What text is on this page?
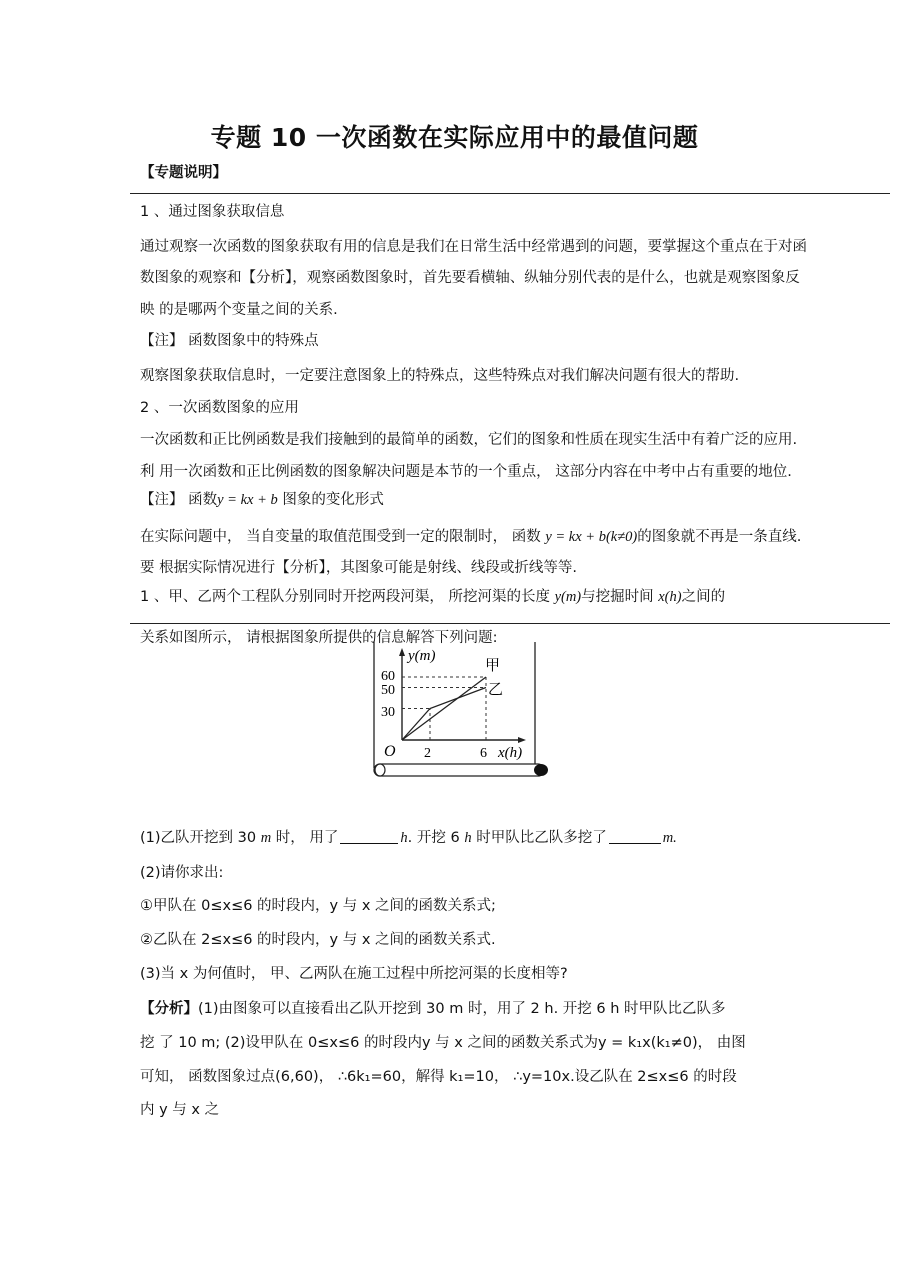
专题 10 一次函数在实际应用中的最值问题
【专题说明】
1 、通过图象获取信息
通过观察一次函数的图象获取有用的信息是我们在日常生活中经常遇到的问题，要掌握这个重点在于对函
数图象的观察和【分析】，观察函数图象时，首先要看横轴、纵轴分别代表的是什么，也就是观察图象反
映 的是哪两个变量之间的关系.
【注】 函数图象中的特殊点
观察图象获取信息时，一定要注意图象上的特殊点，这些特殊点对我们解决问题有很大的帮助.
2 、一次函数图象的应用
一次函数和正比例函数是我们接触到的最简单的函数，它们的图象和性质在现实生活中有着广泛的应用.
利 用一次函数和正比例函数的图象解决问题是本节的一个重点， 这部分内容在中考中占有重要的地位.
【注】 函数y = kx + b 图象的变化形式
在实际问题中， 当自变量的取值范围受到一定的限制时， 函数 y = kx + b(k≠0)的图象就不再是一条直线.
要 根据实际情况进行【分析】，其图象可能是射线、线段或折线等等.
1 、甲、乙两个工程队分别同时开挖两段河渠， 所挖河渠的长度 y(m)与挖掘时间 x(h)之间的
关系如图所示， 请根据图象所提供的信息解答下列问题:
y(m)
x(h)
O
60
50
30
2	6
甲
乙
(1)乙队开挖到 30 m 时， 用了	h. 开挖 6 h 时甲队比乙队多挖了	m.
(2)请你求出:
①甲队在 0≤x≤6 的时段内，y 与 x 之间的函数关系式;
②乙队在 2≤x≤6 的时段内，y 与 x 之间的函数关系式.
(3)当 x 为何值时， 甲、乙两队在施工过程中所挖河渠的长度相等?
【分析】(1)由图象可以直接看出乙队开挖到 30 m 时，用了 2 h. 开挖 6 h 时甲队比乙队多
挖 了 10 m; (2)设甲队在 0≤x≤6 的时段内y 与 x 之间的函数关系式为y = k₁x(k₁≠0)， 由图
可知， 函数图象过点(6,60)， ∴6k₁=60，解得 k₁=10， ∴y=10x.设乙队在 2≤x≤6 的时段
内 y 与 x 之
